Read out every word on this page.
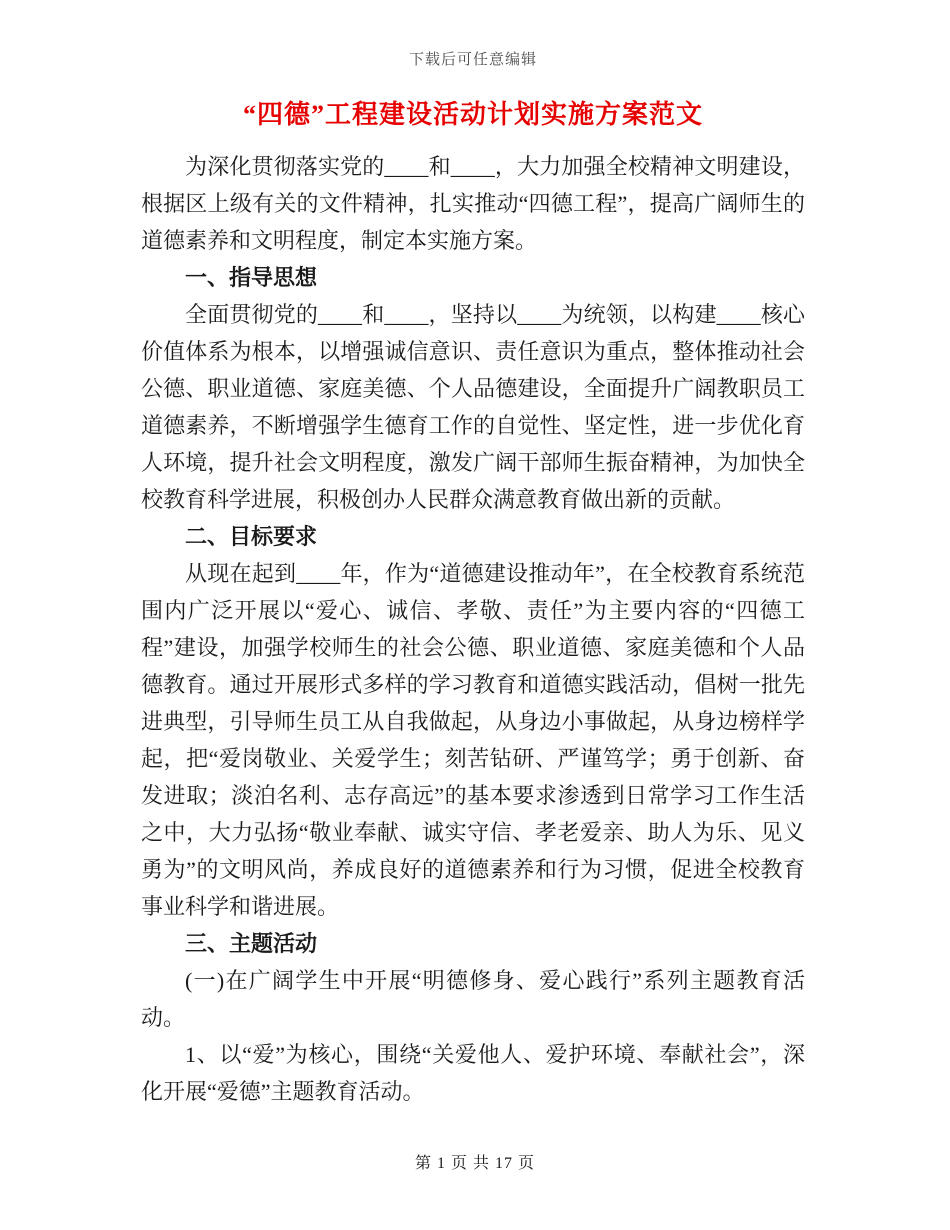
下载后可任意编辑
“四德”工程建设活动计划实施方案范文

为深化贯彻落实党的____和____，大力加强全校精神文明建设，根据区上级有关的文件精神，扎实推动“四德工程”，提高广阔师生的道德素养和文明程度，制定本实施方案。

一、指导思想

全面贯彻党的____和____，坚持以____为统领，以构建____核心价值体系为根本，以增强诚信意识、责任意识为重点，整体推动社会公德、职业道德、家庭美德、个人品德建设，全面提升广阔教职员工道德素养，不断增强学生德育工作的自觉性、坚定性，进一步优化育人环境，提升社会文明程度，激发广阔干部师生振奋精神，为加快全校教育科学进展，积极创办人民群众满意教育做出新的贡献。

二、目标要求

从现在起到____年，作为“道德建设推动年”，在全校教育系统范围内广泛开展以“爱心、诚信、孝敬、责任”为主要内容的“四德工程”建设，加强学校师生的社会公德、职业道德、家庭美德和个人品德教育。通过开展形式多样的学习教育和道德实践活动，倡树一批先进典型，引导师生员工从自我做起，从身边小事做起，从身边榜样学起，把“爱岗敬业、关爱学生；刻苦钻研、严谨笃学；勇于创新、奋发进取；淡泊名利、志存高远”的基本要求渗透到日常学习工作生活之中，大力弘扬“敬业奉献、诚实守信、孝老爱亲、助人为乐、见义勇为”的文明风尚，养成良好的道德素养和行为习惯，促进全校教育事业科学和谐进展。

三、主题活动

(一)在广阔学生中开展“明德修身、爱心践行”系列主题教育活动。

1、以“爱”为核心，围绕“关爱他人、爱护环境、奉献社会”，深化开展“爱德”主题教育活动。

第 1 页 共 17 页
